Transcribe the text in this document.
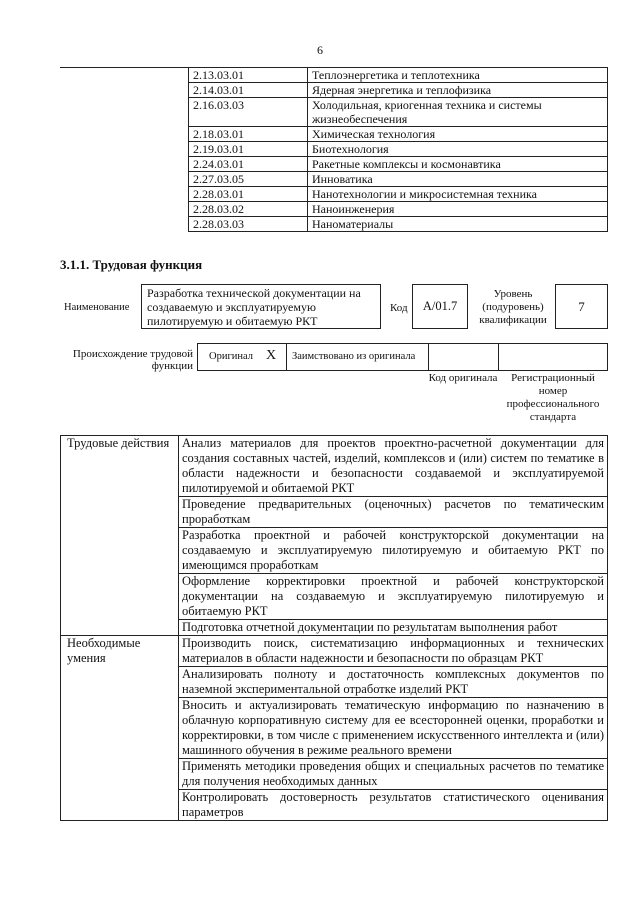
6
	2.13.03.01	Теплоэнергетика и теплотехника
	2.14.03.01	Ядерная энергетика и теплофизика
	2.16.03.03	Холодильная, криогенная техника и системы жизнеобеспечения
	2.18.03.01	Химическая технология
	2.19.03.01	Биотехнология
	2.24.03.01	Ракетные комплексы и космонавтика
	2.27.03.05	Инноватика
	2.28.03.01	Нанотехнологии и микросистемная техника
	2.28.03.02	Наноинженерия
	2.28.03.03	Наноматериалы
3.1.1. Трудовая функция
Наименование
Разработка технической документации на создаваемую и эксплуатируемую пилотируемую и обитаемую РКТ
Код	А/01.7
Уровень (подуровень) квалификации
7
Происхождение трудовой функции
Оригинал X Заимствовано из оригинала
Код оригинала	Регистрационный номер профессионального стандарта
Трудовые действия	Анализ материалов для проектов проектно-расчетной документации для создания составных частей, изделий, комплексов и (или) систем по тематике в области надежности и безопасности создаваемой и эксплуатируемой пилотируемой и обитаемой РКТ
	Проведение предварительных (оценочных) расчетов по тематическим проработкам
	Разработка проектной и рабочей конструкторской документации на создаваемую и эксплуатируемую пилотируемую и обитаемую РКТ по имеющимся проработкам
	Оформление корректировки проектной и рабочей конструкторской документации на создаваемую и эксплуатируемую пилотируемую и обитаемую РКТ
	Подготовка отчетной документации по результатам выполнения работ
Необходимые умения	Производить поиск, систематизацию информационных и технических материалов в области надежности и безопасности по образцам РКТ
	Анализировать полноту и достаточность комплексных документов по наземной экспериментальной отработке изделий РКТ
	Вносить и актуализировать тематическую информацию по назначению в облачную корпоративную систему для ее всесторонней оценки, проработки и корректировки, в том числе с применением искусственного интеллекта и (или) машинного обучения в режиме реального времени
	Применять методики проведения общих и специальных расчетов по тематике для получения необходимых данных
	Контролировать достоверность результатов статистического оценивания параметров
